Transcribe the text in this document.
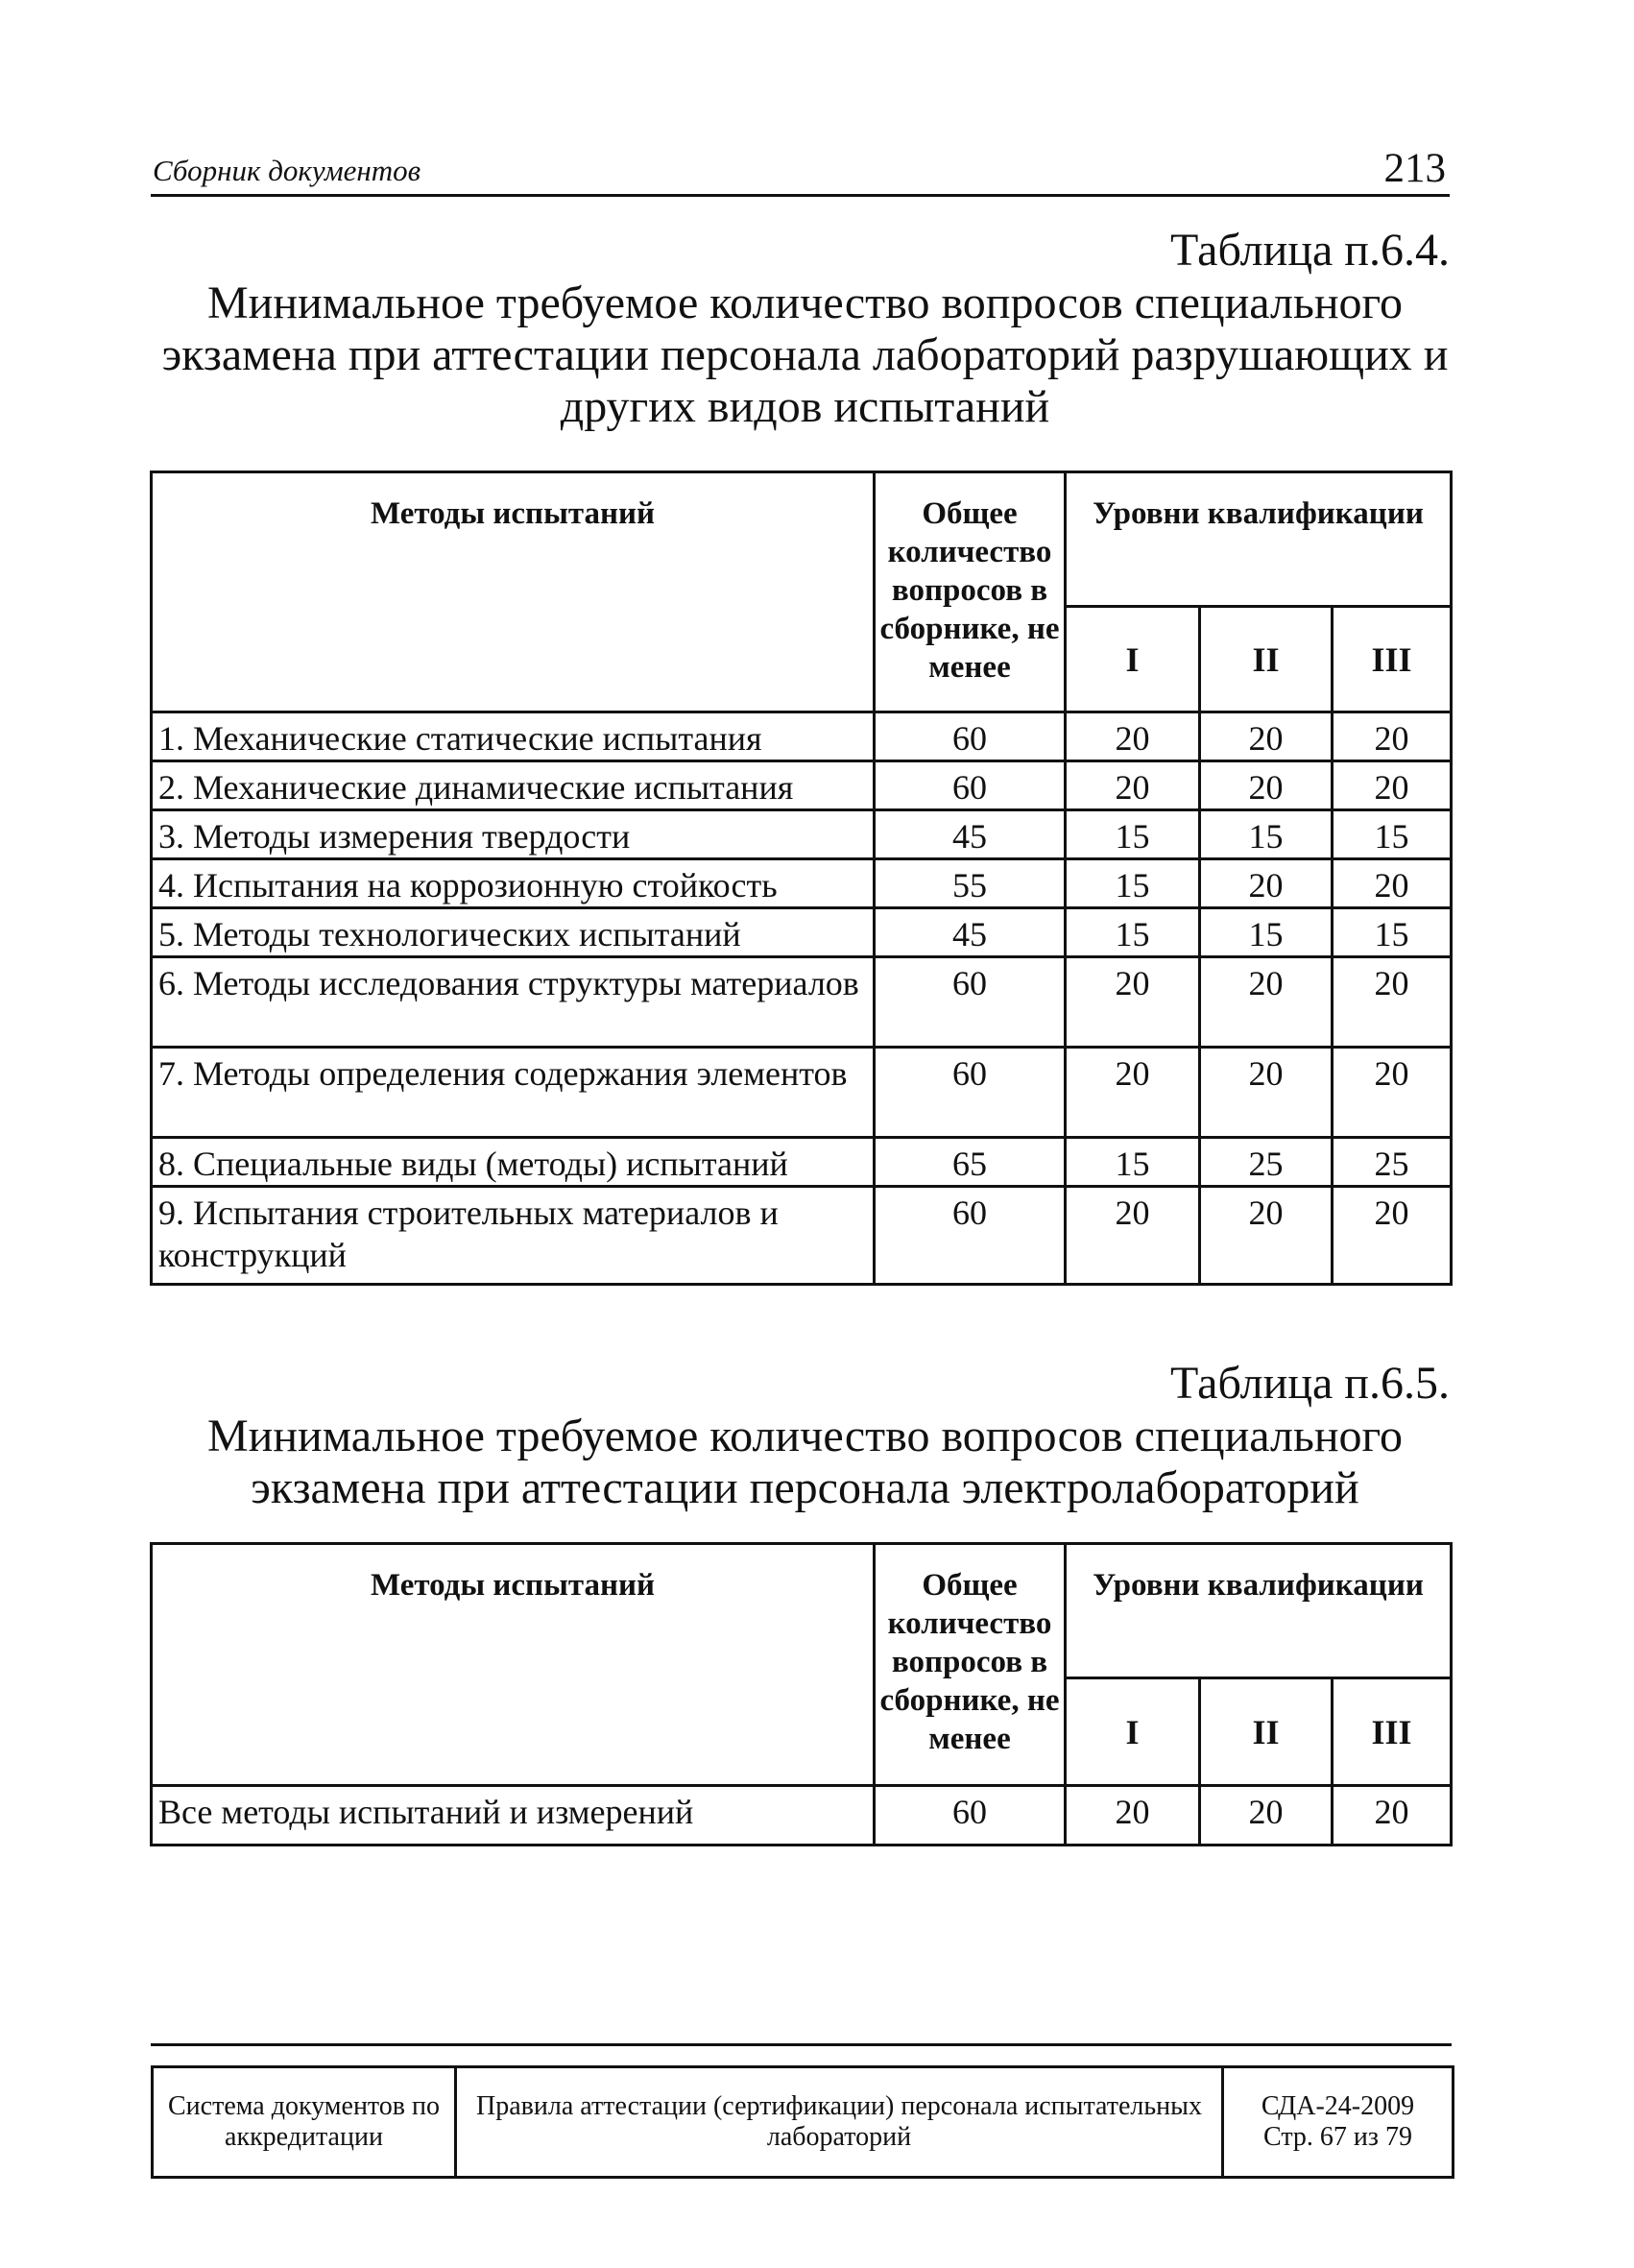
Сборник документов	213
Таблица п.6.4.
Минимальное требуемое количество вопросов специального экзамена при аттестации персонала лабораторий разрушающих и других видов испытаний
Методы испытаний	Общее количество вопросов в сборнике, не менее	Уровни квалификации		
		I	II	III
1. Механические статические испытания	60	20	20	20
2. Механические динамические испытания	60	20	20	20
3. Методы измерения твердости	45	15	15	15
4. Испытания на коррозионную стойкость	55	15	20	20
5. Методы технологических испытаний	45	15	15	15
6. Методы исследования структуры материалов	60	20	20	20
7. Методы определения содержания элементов	60	20	20	20
8. Специальные виды (методы) испытаний	65	15	25	25
9. Испытания строительных материалов и конструкций	60	20	20	20
Таблица п.6.5.
Минимальное требуемое количество вопросов специального экзамена при аттестации персонала электролабораторий
Методы испытаний	Общее количество вопросов в сборнике, не менее	Уровни квалификации		
		I	II	III
Все методы испытаний и измерений	60	20	20	20
Система документов по аккредитации	Правила аттестации (сертификации) персонала испытательных лабораторий	
СДА-24-2009
Стр. 67 из 79
